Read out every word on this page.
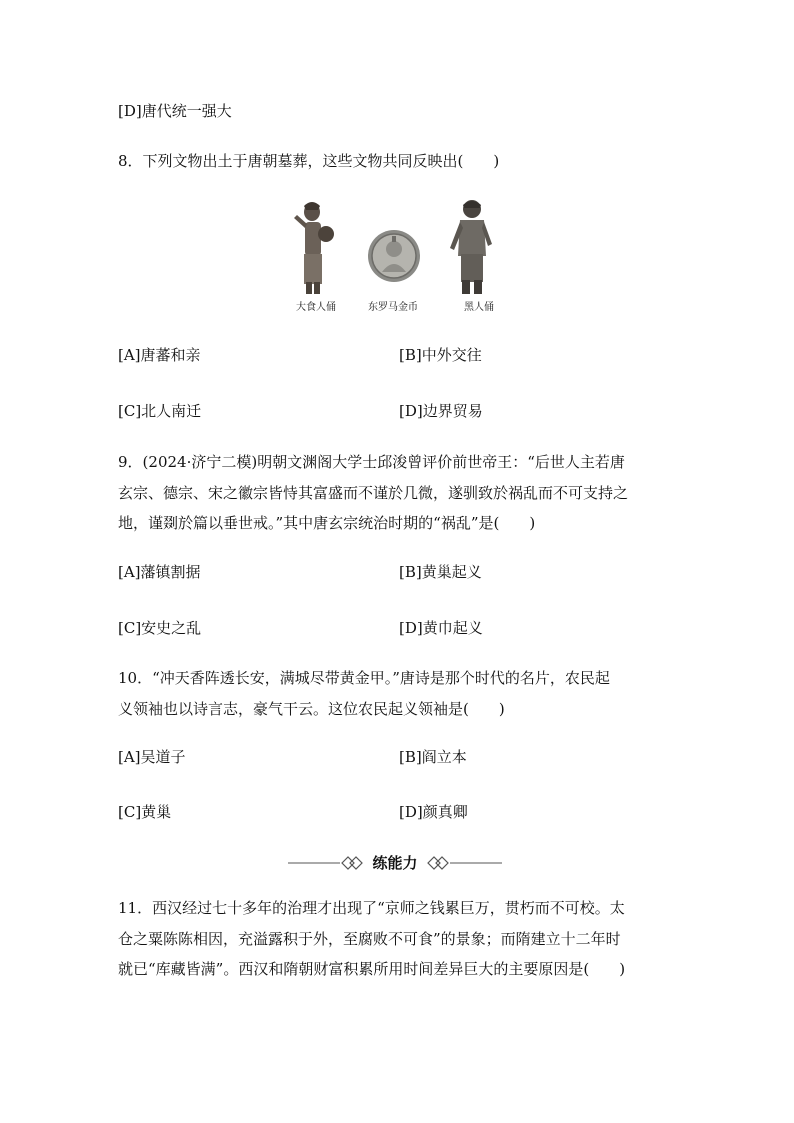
[D]唐代统一强大
8．下列文物出土于唐朝墓葬，这些文物共同反映出(　　)
大食人俑	东罗马金币	黑人俑
[A]唐蕃和亲	[B]中外交往
[C]北人南迁	[D]边界贸易
9．(2024·济宁二模)明朝文渊阁大学士邱浚曾评价前世帝王：“后世人主若唐
玄宗、德宗、宋之徽宗皆恃其富盛而不谨於几微，遂驯致於祸乱而不可支持之
地，谨剟於篇以垂世戒。”其中唐玄宗统治时期的“祸乱”是(　　)
[A]藩镇割据	[B]黄巢起义
[C]安史之乱	[D]黄巾起义
10．“冲天香阵透长安，满城尽带黄金甲。”唐诗是那个时代的名片，农民起
义领袖也以诗言志，豪气干云。这位农民起义领袖是(　　)
[A]吴道子	[B]阎立本
[C]黄巢	[D]颜真卿
练能力
11．西汉经过七十多年的治理才出现了“京师之钱累巨万，贯朽而不可校。太
仓之粟陈陈相因，充溢露积于外，至腐败不可食”的景象；而隋建立十二年时
就已“库藏皆满”。西汉和隋朝财富积累所用时间差异巨大的主要原因是(　　)
